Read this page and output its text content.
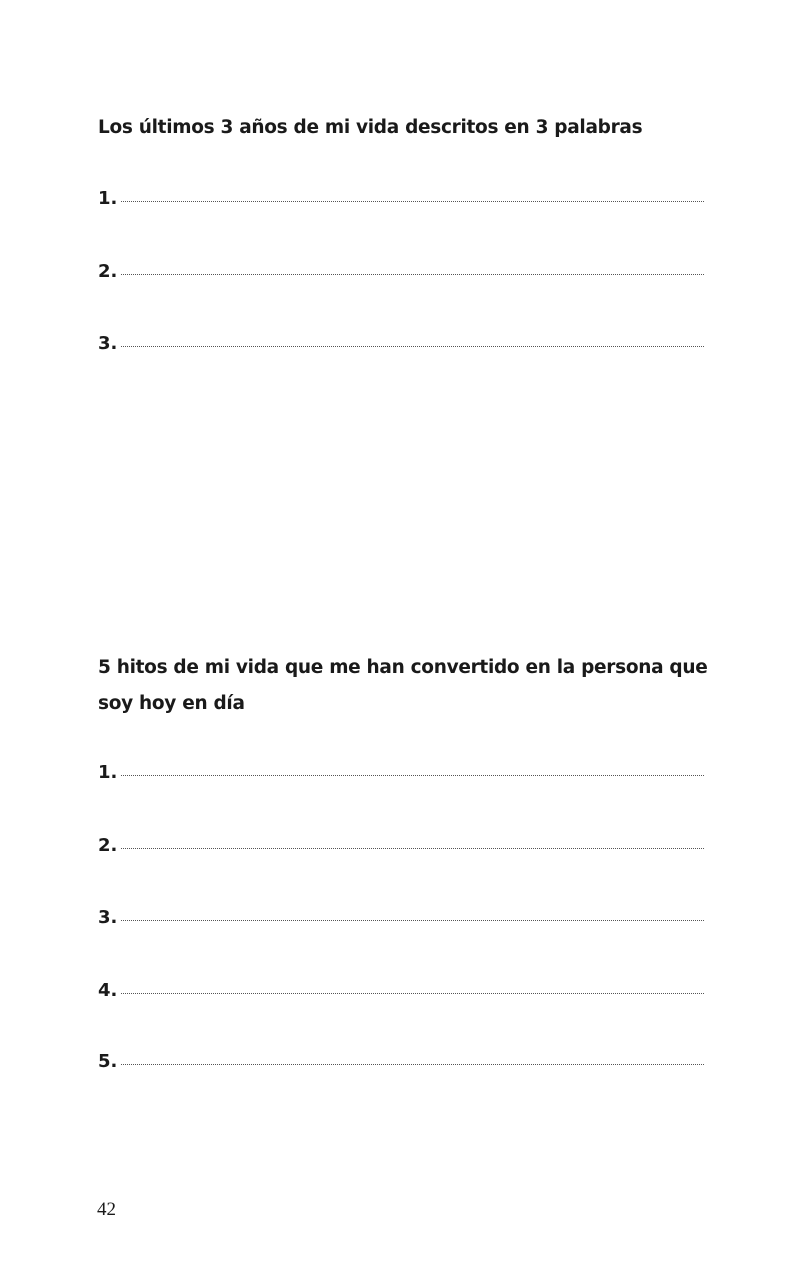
Los últimos 3 años de mi vida descritos en 3 palabras
1.
2.
3.
5 hitos de mi vida que me han convertido en la persona que soy hoy en día
1.
2.
3.
4.
5.
42
